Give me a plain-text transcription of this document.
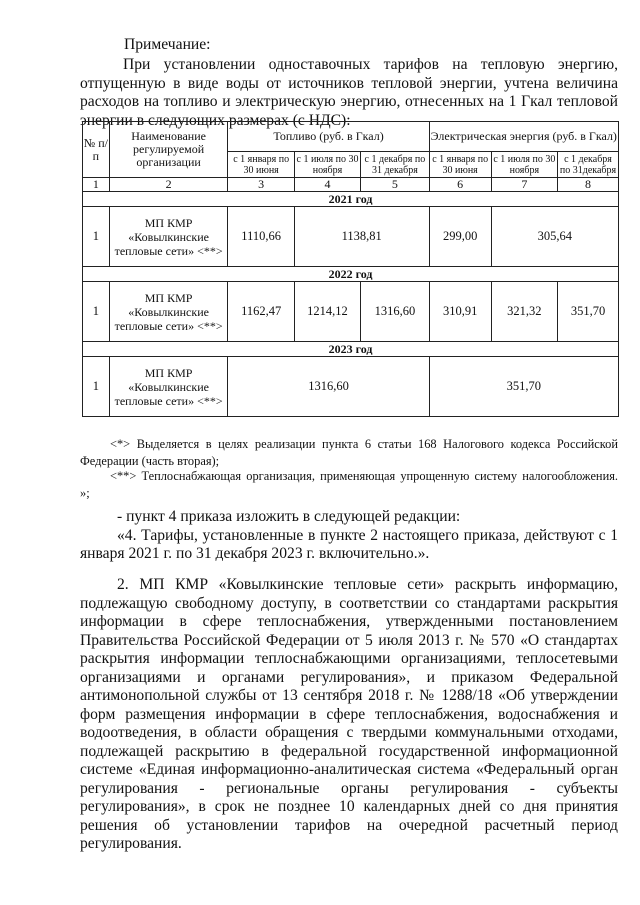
Примечание:

При установлении одноставочных тарифов на тепловую энергию, отпущенную в виде воды от источников тепловой энергии, учтена величина расходов на топливо и электрическую энергию, отнесенных на 1 Гкал тепловой энергии в следующих размерах (с НДС):

№ п/п	Наименование регулируемой организации	Топливо (руб. в Гкал)			Электрическая энергия (руб. в Гкал)		
		с 1 января по 30 июня	с 1 июля по 30 ноября	с 1 декабря по 31 декабря	с 1 января по 30 июня	с 1 июля по 30 ноября	с 1 декабря по 31декабря
1	2	3	4	5	6	7	8
2021 год							
1	МП КМР «Ковылкинские тепловые сети» <**>	1110,66	1138,81		299,00	305,64	
2022 год							
1	МП КМР «Ковылкинские тепловые сети» <**>	1162,47	1214,12	1316,60	310,91	321,32	351,70
2023 год							
1	МП КМР «Ковылкинские тепловые сети» <**>	1316,60			351,70		

<*> Выделяется в целях реализации пункта 6 статьи 168 Налогового кодекса Российской Федерации (часть вторая);

<**> Теплоснабжающая организация, применяющая упрощенную систему налогообложения. »;

- пункт 4 приказа изложить в следующей редакции:

«4. Тарифы, установленные в пункте 2 настоящего приказа, действуют с 1 января 2021 г. по 31 декабря 2023 г. включительно.».

2. МП КМР «Ковылкинские тепловые сети» раскрыть информацию, подлежащую свободному доступу, в соответствии со стандартами раскрытия информации в сфере теплоснабжения, утвержденными постановлением Правительства Российской Федерации от 5 июля 2013 г. № 570 «О стандартах раскрытия информации теплоснабжающими организациями, теплосетевыми организациями и органами регулирования», и приказом Федеральной антимонопольной службы от 13 сентября 2018 г. № 1288/18 «Об утверждении форм размещения информации в сфере теплоснабжения, водоснабжения и водоотведения, в области обращения с твердыми коммунальными отходами, подлежащей раскрытию в федеральной государственной информационной системе «Единая информационно-аналитическая система «Федеральный орган регулирования - региональные органы регулирования - субъекты регулирования», в срок не позднее 10 календарных дней со дня принятия решения об установлении тарифов на очередной расчетный период регулирования.
